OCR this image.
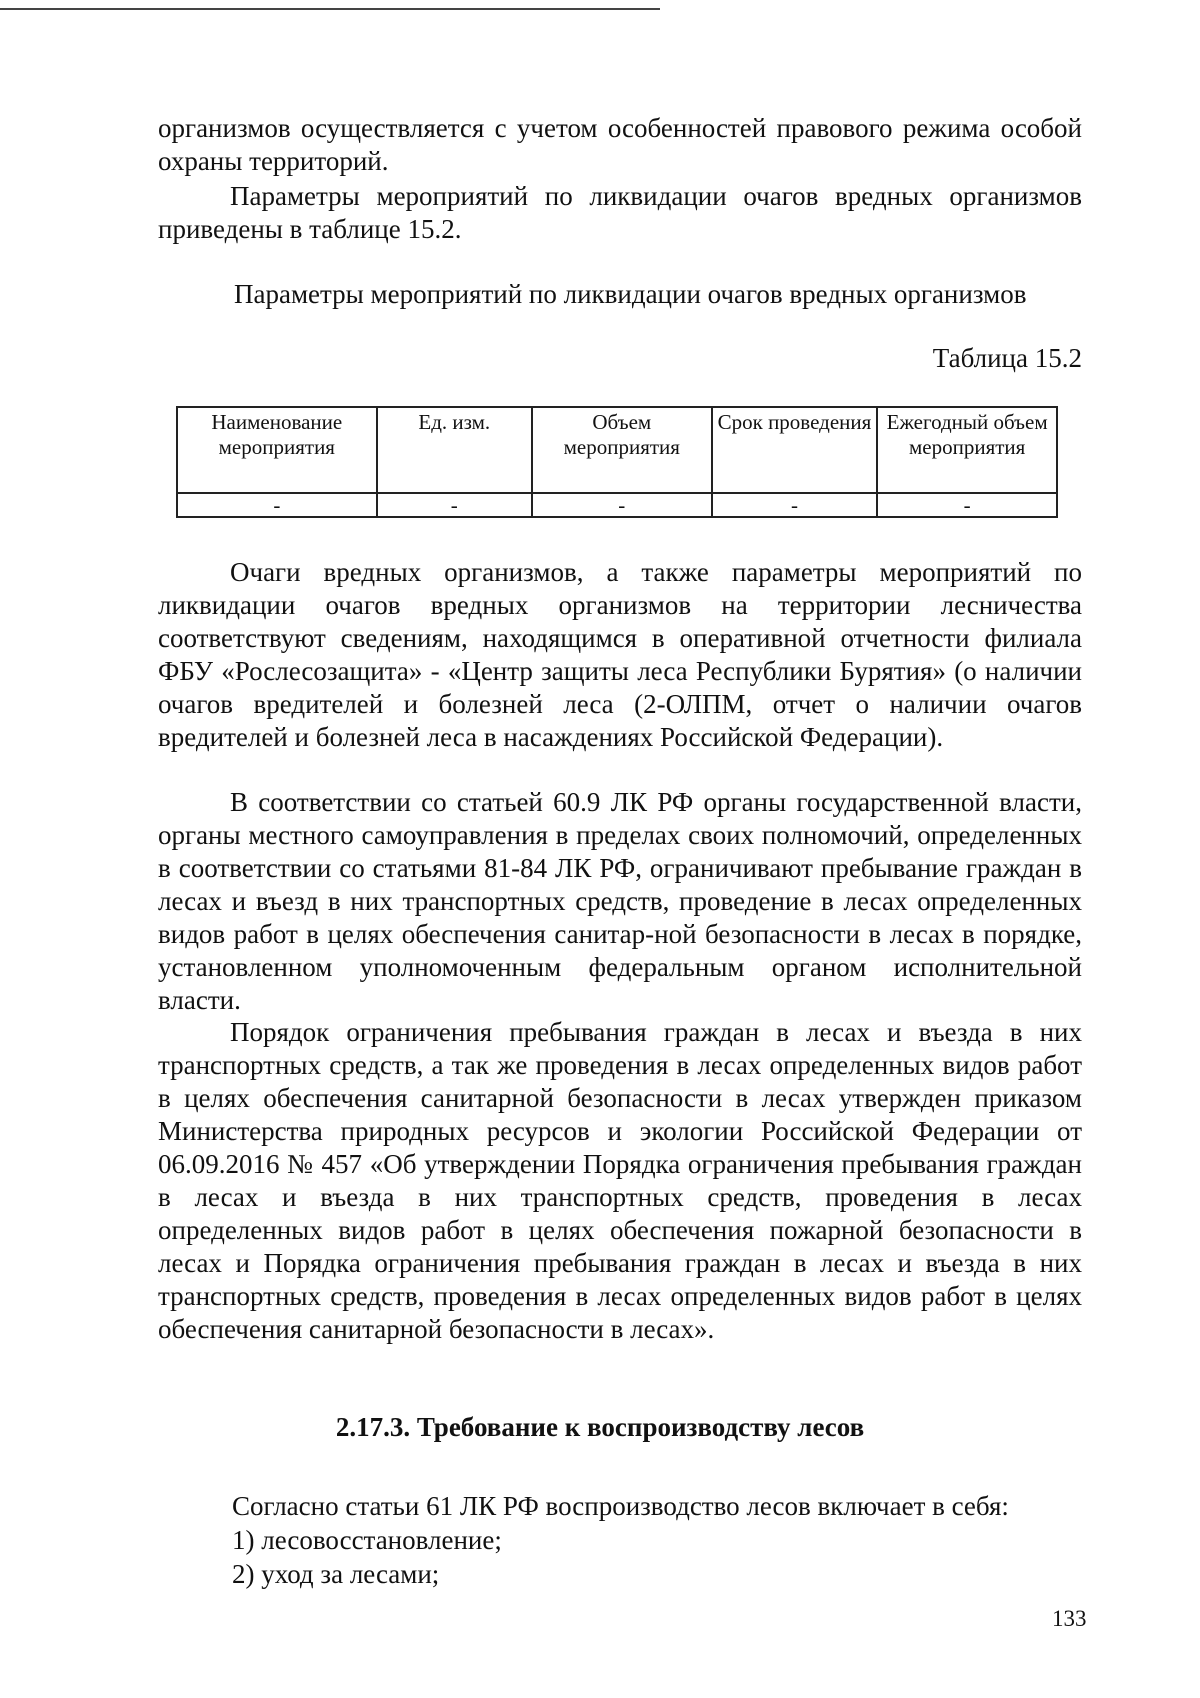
организмов осуществляется с учетом особенностей правового режима особой охраны территорий.

Параметры мероприятий по ликвидации очагов вредных организмов приведены в таблице 15.2.

Параметры мероприятий по ликвидации очагов вредных организмов

Таблица 15.2

Наименование мероприятия	Ед. изм.	Объем мероприятия	Срок проведения	Ежегодный объем мероприятия
-	-	-	-	-

Очаги вредных организмов, а также параметры мероприятий по ликвидации очагов вредных организмов на территории лесничества соответствуют сведениям, находящимся в оперативной отчетности филиала ФБУ «Рослесозащита» - «Центр защиты леса Республики Бурятия» (о наличии очагов вредителей и болезней леса (2-ОЛПМ, отчет о наличии очагов вредителей и болезней леса в насаждениях Российской Федерации).

В соответствии со статьей 60.9 ЛК РФ органы государственной власти, органы местного самоуправления в пределах своих полномочий, определенных в соответствии со статьями 81-84 ЛК РФ, ограничивают пребывание граждан в лесах и въезд в них транспортных средств, проведение в лесах определенных видов работ в целях обеспечения санитар-ной безопасности в лесах в порядке, установленном уполномоченным федеральным органом исполнительной власти.

Порядок ограничения пребывания граждан в лесах и въезда в них транспортных средств, а так же проведения в лесах определенных видов работ в целях обеспечения санитарной безопасности в лесах утвержден приказом Министерства природных ресурсов и экологии Российской Федерации от 06.09.2016 № 457 «Об утверждении Порядка ограничения пребывания граждан в лесах и въезда в них транспортных средств, проведения в лесах определенных видов работ в целях обеспечения пожарной безопасности в лесах и Порядка ограничения пребывания граждан в лесах и въезда в них транспортных средств, проведения в лесах определенных видов работ в целях обеспечения санитарной безопасности в лесах».

2.17.3. Требование к воспроизводству лесов

Согласно статьи 61 ЛК РФ воспроизводство лесов включает в себя:

1) лесовосстановление;

2) уход за лесами;

133
